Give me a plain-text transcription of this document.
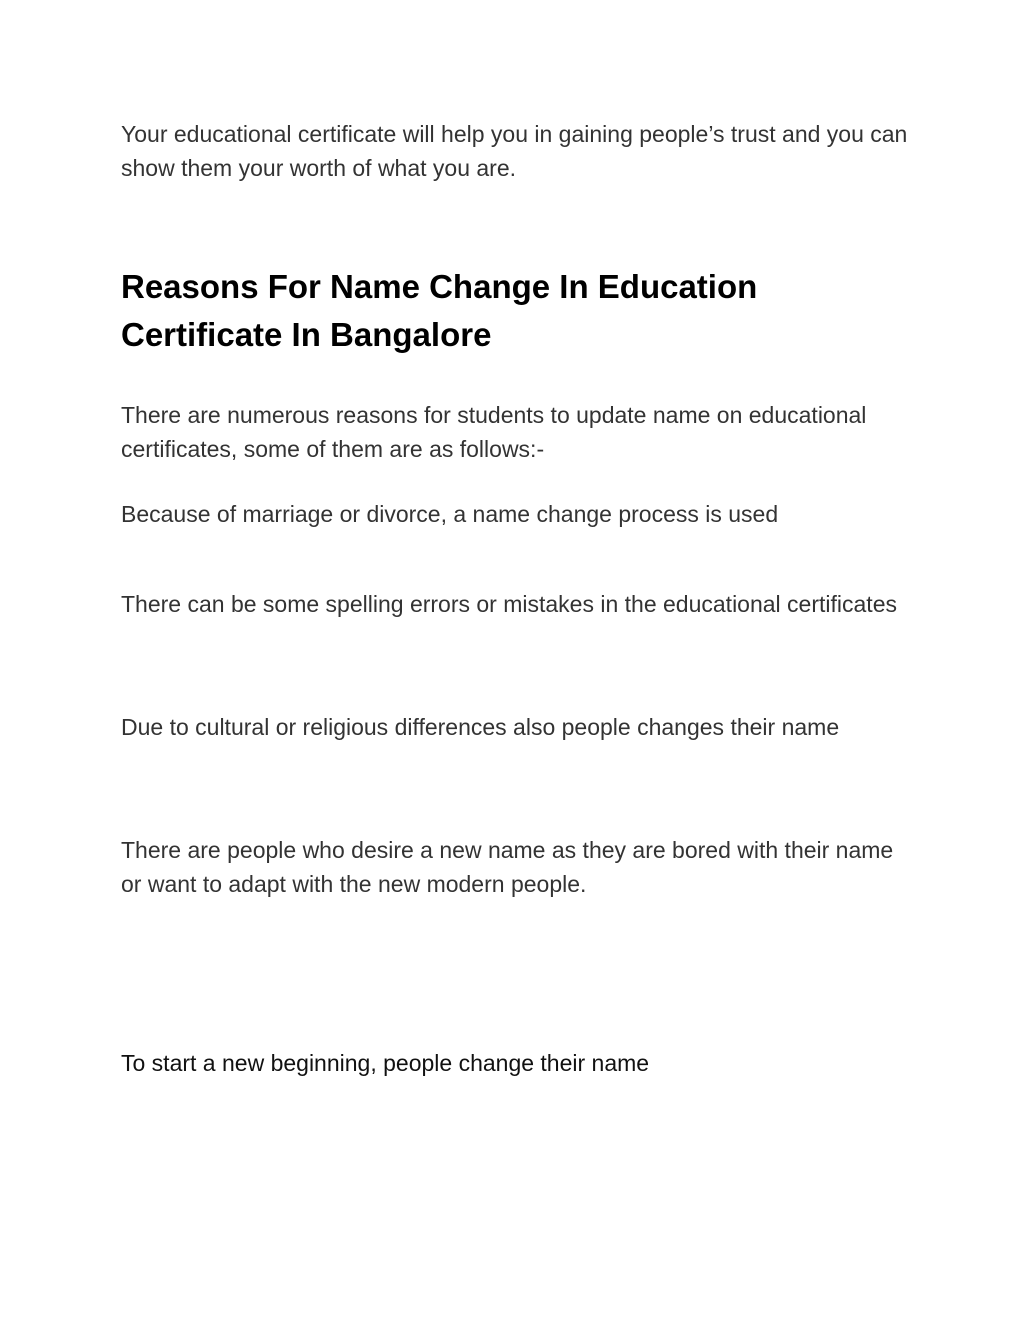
Your educational certificate will help you in gaining people’s trust and you can show them your worth of what you are.

Reasons For Name Change In Education Certificate In Bangalore

There are numerous reasons for students to update name on educational certificates, some of them are as follows:-

Because of marriage or divorce, a name change process is used

There can be some spelling errors or mistakes in the educational certificates

Due to cultural or religious differences also people changes their name

There are people who desire a new name as they are bored with their name or want to adapt with the new modern people.

To start a new beginning, people change their name
